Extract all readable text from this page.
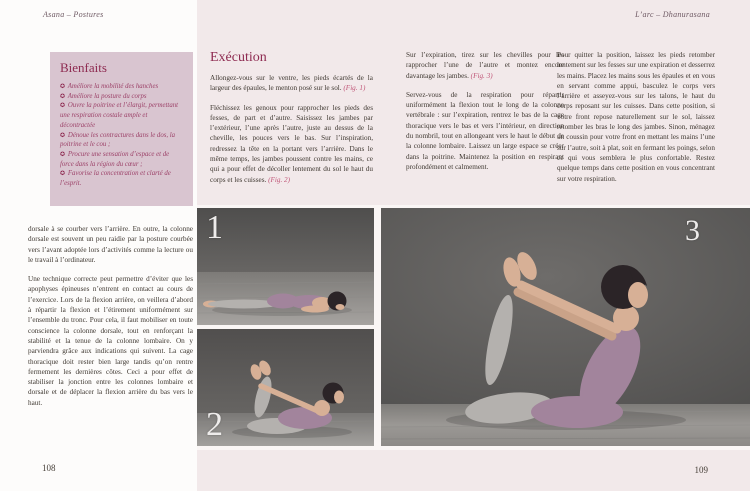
Asana – Postures	L’arc – Dhanurasana
Bienfaits

✪ Améliore la mobilité des hanches

✪ Améliore la posture du corps

✪ Ouvre la poitrine et l’élargit, permettant une respiration costale ample et décontractée

✪ Dénoue les contractures dans le dos, la poitrine et le cou ;

✪ Procure une sensation d’espace et de force dans la région du cœur ;

✪ Favorise la concentration et clarté de l’esprit.

Exécution

Allongez-vous sur le ventre, les pieds écartés de la largeur des épaules, le menton posé sur le sol. (Fig. 1)

Fléchissez les genoux pour rapprocher les pieds des fesses, de part et d’autre. Saisissez les jambes par l’extérieur, l’une après l’autre, juste au dessus de la cheville, les pouces vers le bas. Sur l’inspiration, redressez la tête en la portant vers l’arrière. Dans le même temps, les jambes poussent contre les mains, ce qui a pour effet de décoller lentement du sol le haut du corps et les cuisses. (Fig. 2)

dorsale à se courber vers l’arrière. En outre, la colonne dorsale est souvent un peu raidie par la posture courbée vers l’avant adoptée lors d’activités comme la lecture ou le travail à l’ordinateur.

Une technique correcte peut permettre d’éviter que les apophyses épineuses n’entrent en contact au cours de l’exercice. Lors de la flexion arrière, on veillera d’abord à répartir la flexion et l’étirement uniformément sur l’ensemble du tronc. Pour cela, il faut mobiliser en toute conscience la colonne dorsale, tout en renforçant la stabilité et la tenue de la colonne lombaire. On y parviendra grâce aux indications qui suivent. La cage thoracique doit rester bien large tandis qu’on rentre fermement les dernières côtes. Ceci a pour effet de stabiliser la jonction entre les colonnes lombaire et dorsale et de déplacer la flexion arrière du bas vers le haut.

Sur l’expiration, tirez sur les chevilles pour les rapprocher l’une de l’autre et montez encore davantage les jambes. (Fig. 3)

Servez-vous de la respiration pour répartir uniformément la flexion tout le long de la colonne vertébrale : sur l’expiration, rentrez le bas de la cage thoracique vers le bas et vers l’intérieur, en direction du nombril, tout en allongeant vers le haut le début de la colonne lombaire. Laissez un large espace se créer dans la poitrine. Maintenez la position en respirant profondément et calmement.

Pour quitter la position, laissez les pieds retomber lentement sur les fesses sur une expiration et desserrez les mains. Placez les mains sous les épaules et en vous en servant comme appui, basculez le corps vers l’arrière et asseyez-vous sur les talons, le haut du corps reposant sur les cuisses. Dans cette position, si votre front repose naturellement sur le sol, laissez retomber les bras le long des jambes. Sinon, ménagez un coussin pour votre front en mettant les mains l’une sur l’autre, soit à plat, soit en fermant les poings, selon ce qui vous semblera le plus confortable. Restez quelque temps dans cette position en vous concentrant sur votre respiration.

1
2
3
108	109
